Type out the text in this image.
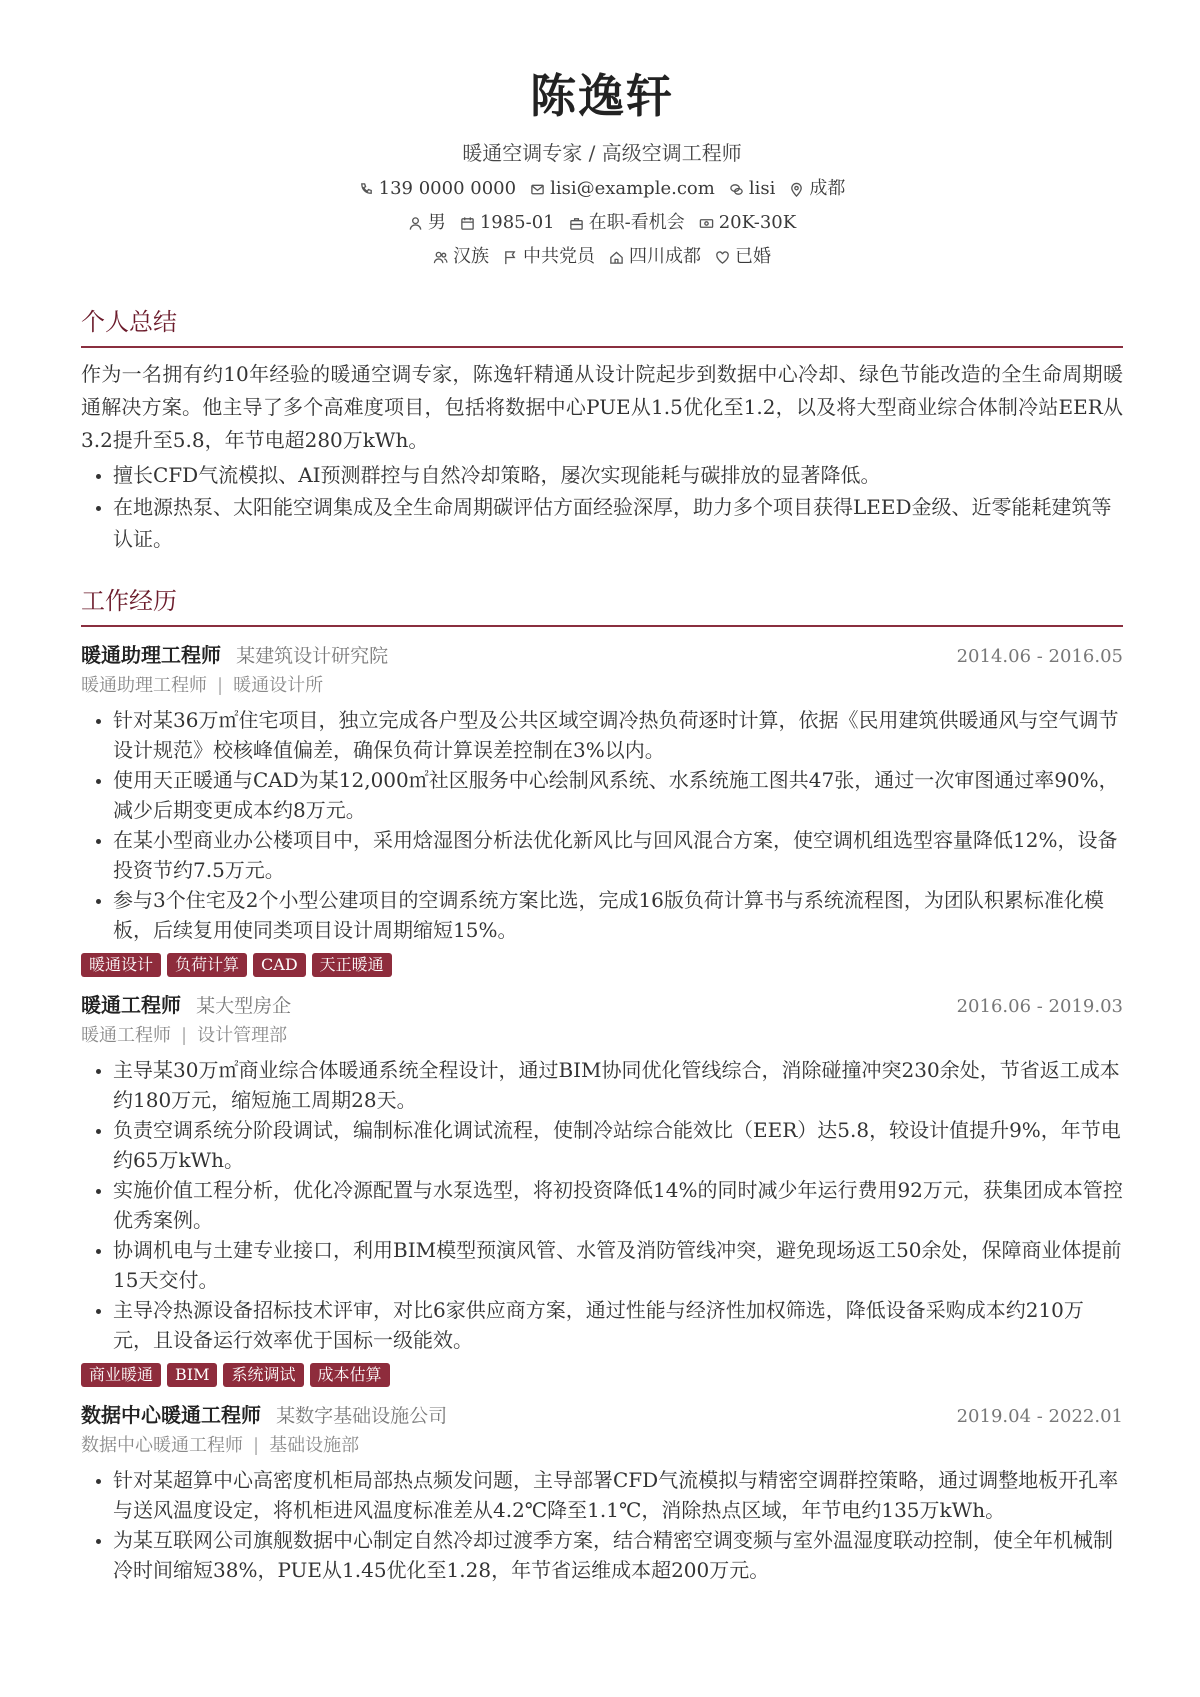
陈逸轩
暖通空调专家 / 高级空调工程师
139 0000 0000 lisi@example.com lisi 成都
男 1985-01 在职-看机会 20K-30K
汉族 中共党员 四川成都 已婚
个人总结
作为一名拥有约10年经验的暖通空调专家，陈逸轩精通从设计院起步到数据中心冷却、绿色节能改造的全生命周期暖通解决方案。他主导了多个高难度项目，包括将数据中心PUE从1.5优化至1.2，以及将大型商业综合体制冷站EER从3.2提升至5.8，年节电超280万kWh。
• 擅长CFD气流模拟、AI预测群控与自然冷却策略，屡次实现能耗与碳排放的显著降低。
• 在地源热泵、太阳能空调集成及全生命周期碳评估方面经验深厚，助力多个项目获得LEED金级、近零能耗建筑等认证。
工作经历
暖通助理工程师 某建筑设计研究院	2014.06 - 2016.05
暖通助理工程师 | 暖通设计所
• 针对某36万㎡住宅项目，独立完成各户型及公共区域空调冷热负荷逐时计算，依据《民用建筑供暖通风与空气调节设计规范》校核峰值偏差，确保负荷计算误差控制在3%以内。
• 使用天正暖通与CAD为某12,000㎡社区服务中心绘制风系统、水系统施工图共47张，通过一次审图通过率90%，减少后期变更成本约8万元。
• 在某小型商业办公楼项目中，采用焓湿图分析法优化新风比与回风混合方案，使空调机组选型容量降低12%，设备投资节约7.5万元。
• 参与3个住宅及2个小型公建项目的空调系统方案比选，完成16版负荷计算书与系统流程图，为团队积累标准化模板，后续复用使同类项目设计周期缩短15%。
暖通设计	负荷计算	CAD	天正暖通
暖通工程师 某大型房企	2016.06 - 2019.03
暖通工程师 | 设计管理部
• 主导某30万㎡商业综合体暖通系统全程设计，通过BIM协同优化管线综合，消除碰撞冲突230余处，节省返工成本约180万元，缩短施工周期28天。
• 负责空调系统分阶段调试，编制标准化调试流程，使制冷站综合能效比（EER）达5.8，较设计值提升9%，年节电约65万kWh。
• 实施价值工程分析，优化冷源配置与水泵选型，将初投资降低14%的同时减少年运行费用92万元，获集团成本管控优秀案例。
• 协调机电与土建专业接口，利用BIM模型预演风管、水管及消防管线冲突，避免现场返工50余处，保障商业体提前15天交付。
• 主导冷热源设备招标技术评审，对比6家供应商方案，通过性能与经济性加权筛选，降低设备采购成本约210万元，且设备运行效率优于国标一级能效。
商业暖通	BIM	系统调试	成本估算
数据中心暖通工程师 某数字基础设施公司	2019.04 - 2022.01
数据中心暖通工程师 | 基础设施部
• 针对某超算中心高密度机柜局部热点频发问题，主导部署CFD气流模拟与精密空调群控策略，通过调整地板开孔率与送风温度设定，将机柜进风温度标准差从4.2℃降至1.1℃，消除热点区域，年节电约135万kWh。
• 为某互联网公司旗舰数据中心制定自然冷却过渡季方案，结合精密空调变频与室外温湿度联动控制，使全年机械制冷时间缩短38%，PUE从1.45优化至1.28，年节省运维成本超200万元。
